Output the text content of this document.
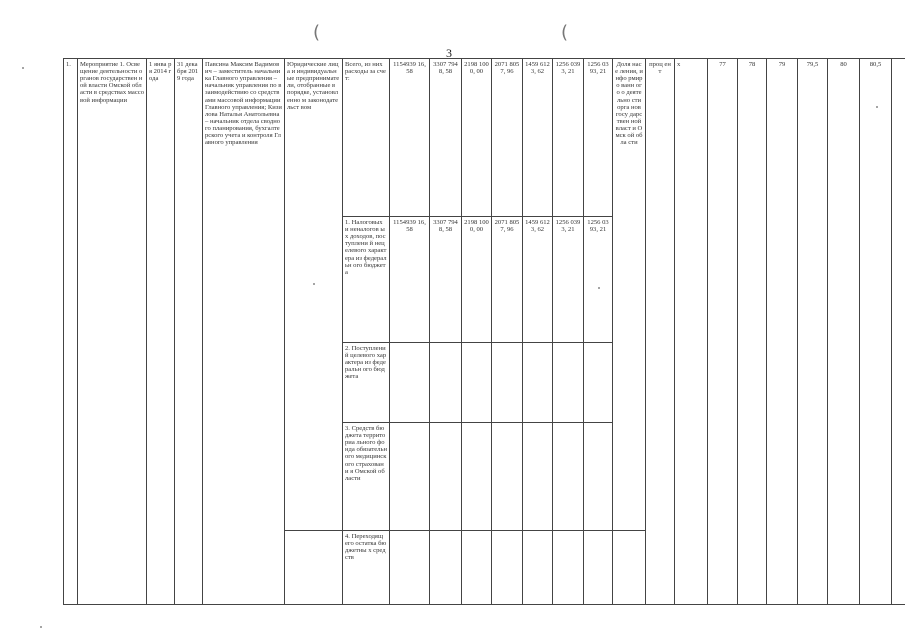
(	(
3
1.	Мероприятие 1. Освещение деятельности органов государствен ной власти Омской области в средствах массовой информации	1 янва ря 2014 года	31 дека бря 2019 года	Павсина Максим Вадимович – заместитель начальника Главного управления – начальник управления по взаимодействию со средствами массовой информации Главного управления; Кизилова Наталья Анатольевна – начальник отдела сводного планирования, бухгалтерского учета и контроля Главного управления	Юридические лица и индивидуальн ые предприниматели, отобранные в порядке, установленно м законодательст вом	Всего, из них расходы за счет:	1154939 16,58	3307 7948, 58	2198 1000, 00	2071 8057, 96	1459 6123, 62	1256 0393, 21	1256 0393, 21	Доля насе ления, инфо рмиро ванн ого о деяте льно сти орга нов госу дарс твен ной власт и Омск ой обла сти	проц ент	х	77	78	79	79,5	80	80,5	
						1. Налоговых и неналогов ых доходов, поступлени й нецелевого характера из федеральн ого бюджета	1154939 16,58	3307 7948, 58	2198 1000, 00	2071 8057, 96	1459 6123, 62	1256 0393, 21	1256 0393, 21										
						2. Поступлени й целевого характера из федеральн ого бюджета																	
						3. Средств бюджета территориа льного фонда обязательн ого медицинск ого страховани я Омской области																	
						4. Переходящ его остатка бюджетны х средств																	
